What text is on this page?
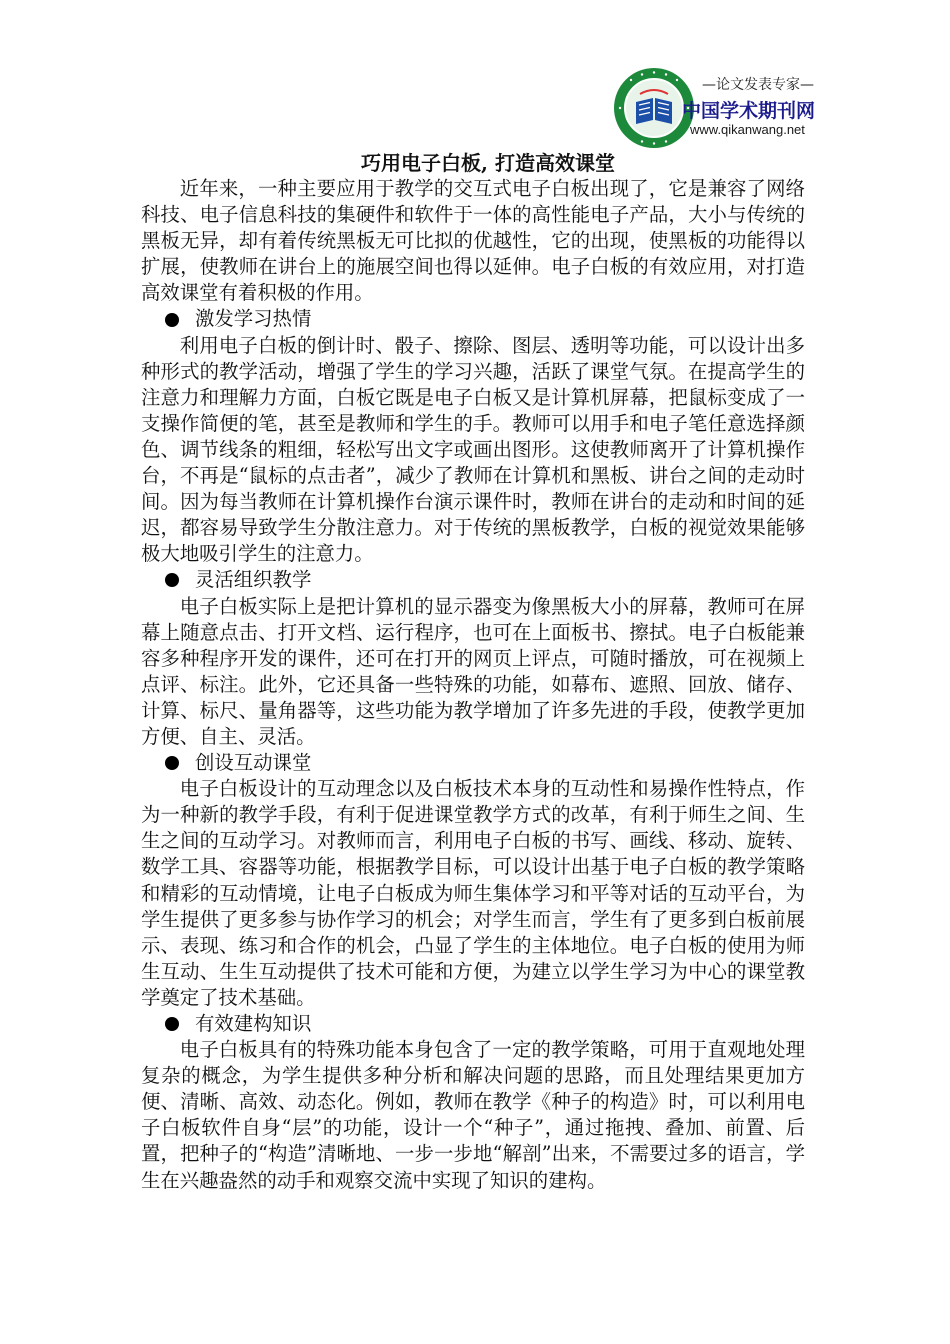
—论文发表专家—
中国学术期刊网
www.qikanwang.net
巧用电子白板, 打造高效课堂

近年来，一种主要应用于教学的交互式电子白板出现了，它是兼容了网络科技、电子信息科技的集硬件和软件于一体的高性能电子产品，大小与传统的黑板无异，却有着传统黑板无可比拟的优越性，它的出现，使黑板的功能得以扩展，使教师在讲台上的施展空间也得以延伸。电子白板的有效应用，对打造高效课堂有着积极的作用。

激发学习热情

利用电子白板的倒计时、骰子、擦除、图层、透明等功能，可以设计出多种形式的教学活动，增强了学生的学习兴趣，活跃了课堂气氛。在提高学生的注意力和理解力方面，白板它既是电子白板又是计算机屏幕，把鼠标变成了一支操作简便的笔，甚至是教师和学生的手。教师可以用手和电子笔任意选择颜色、调节线条的粗细，轻松写出文字或画出图形。这使教师离开了计算机操作台，不再是“鼠标的点击者”，减少了教师在计算机和黑板、讲台之间的走动时间。因为每当教师在计算机操作台演示课件时，教师在讲台的走动和时间的延迟，都容易导致学生分散注意力。对于传统的黑板教学，白板的视觉效果能够极大地吸引学生的注意力。

灵活组织教学

电子白板实际上是把计算机的显示器变为像黑板大小的屏幕，教师可在屏幕上随意点击、打开文档、运行程序，也可在上面板书、擦拭。电子白板能兼容多种程序开发的课件，还可在打开的网页上评点，可随时播放，可在视频上点评、标注。此外，它还具备一些特殊的功能，如幕布、遮照、回放、储存、计算、标尺、量角器等，这些功能为教学增加了许多先进的手段，使教学更加方便、自主、灵活。

创设互动课堂

电子白板设计的互动理念以及白板技术本身的互动性和易操作性特点，作为一种新的教学手段，有利于促进课堂教学方式的改革，有利于师生之间、生生之间的互动学习。对教师而言，利用电子白板的书写、画线、移动、旋转、数学工具、容器等功能，根据教学目标，可以设计出基于电子白板的教学策略和精彩的互动情境，让电子白板成为师生集体学习和平等对话的互动平台，为学生提供了更多参与协作学习的机会；对学生而言，学生有了更多到白板前展示、表现、练习和合作的机会，凸显了学生的主体地位。电子白板的使用为师生互动、生生互动提供了技术可能和方便，为建立以学生学习为中心的课堂教学奠定了技术基础。

有效建构知识

电子白板具有的特殊功能本身包含了一定的教学策略，可用于直观地处理复杂的概念，为学生提供多种分析和解决问题的思路，而且处理结果更加方便、清晰、高效、动态化。例如，教师在教学《种子的构造》时，可以利用电子白板软件自身“层”的功能，设计一个“种子”，通过拖拽、叠加、前置、后置，把种子的“构造”清晰地、一步一步地“解剖”出来，不需要过多的语言，学生在兴趣盎然的动手和观察交流中实现了知识的建构。
